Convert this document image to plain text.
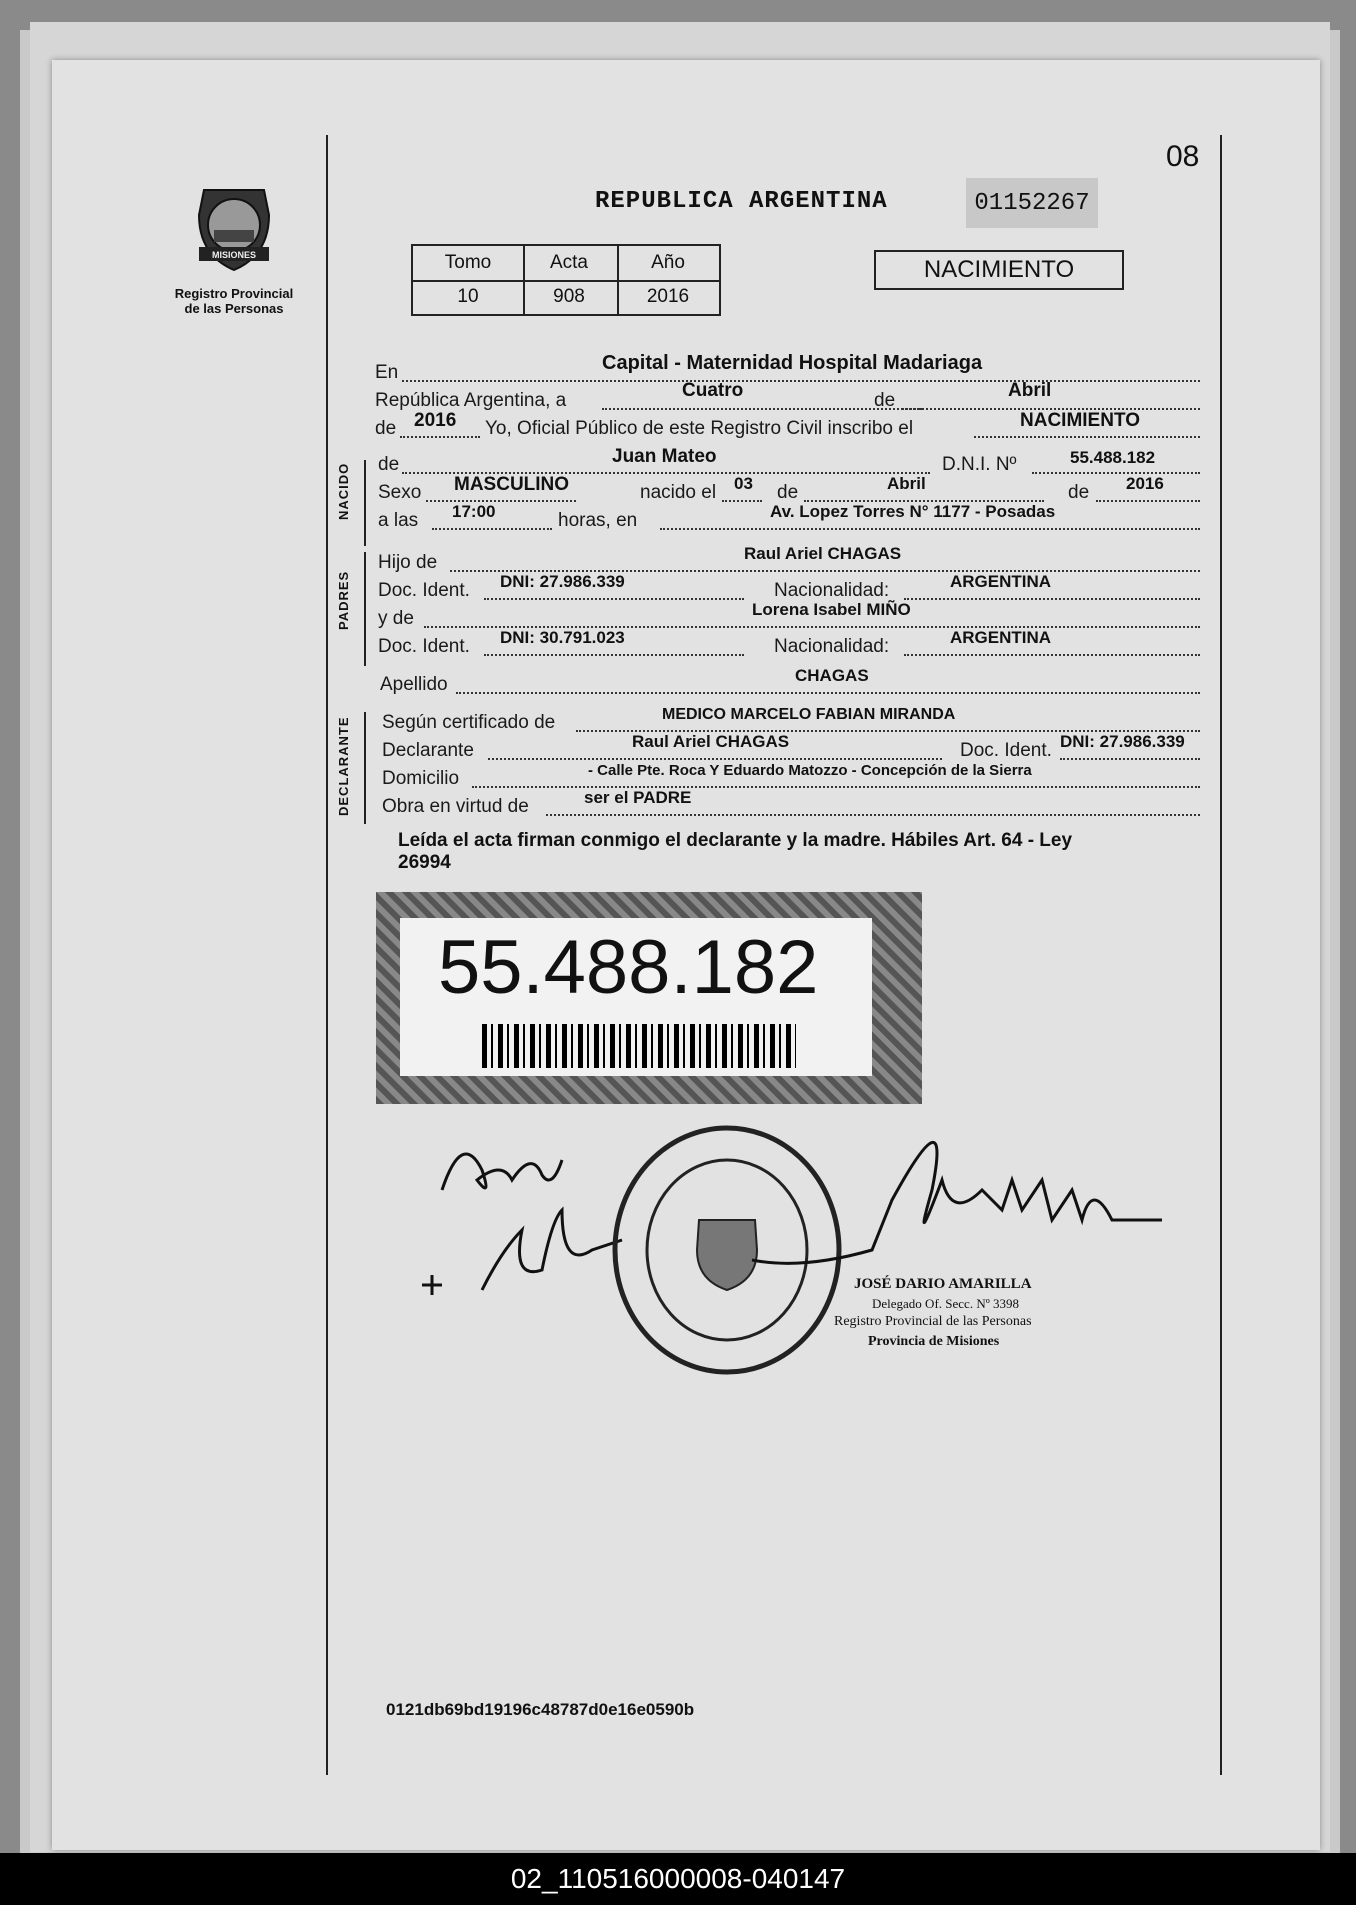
MISIONES
Registro Provincial
de las Personas
08
REPUBLICA ARGENTINA	01152267
Tomo	Acta	Año
10	908	2016
NACIMIENTO
En	Capital - Maternidad Hospital Madariaga
República Argentina, a	Cuatro	de	Abril
de 2016 Yo, Oficial Público de este Registro Civil inscribo el	NACIMIENTO
NACIDO de	Juan Mateo	D.N.I. Nº	55.488.182
Sexo MASCULINO	nacido el 03 de	Abril	de 2016
a las 17:00	horas, en	Av. Lopez Torres N° 1177 - Posadas
PADRES
Hijo de	Raul Ariel CHAGAS
Doc. Ident. DNI: 27.986.339	Nacionalidad:	ARGENTINA
y de	Lorena Isabel MIÑO
Doc. Ident. DNI: 30.791.023	Nacionalidad:	ARGENTINA
Apellido	CHAGAS
DECLARANTE Según certificado de	MEDICO MARCELO FABIAN MIRANDA
Declarante	Raul Ariel CHAGAS	Doc. Ident. DNI: 27.986.339
Domicilio	- Calle Pte. Roca Y Eduardo Matozzo - Concepción de la Sierra
Obra en virtud de	ser el PADRE
Leída el acta firman conmigo el declarante y la madre. Hábiles Art. 64 - Ley
26994
55.488.182
JOSÉ DARIO AMARILLA
Delegado Of. Secc. Nº 3398
Registro Provincial de las Personas
Provincia de Misiones
0121db69bd19196c48787d0e16e0590b
02_110516000008-040147
